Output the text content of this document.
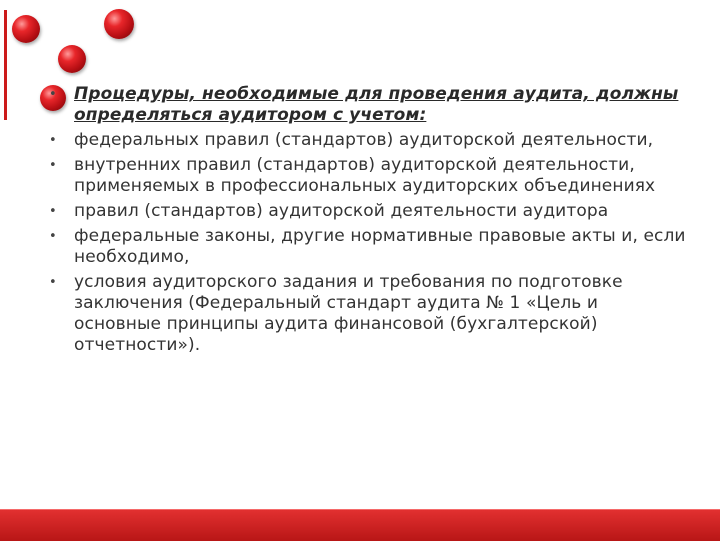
• Процедуры, необходимые для проведения аудита, должны определяться аудитором с учетом:
• федеральных правил (стандартов) аудиторской деятельности,
• внутренних правил (стандартов) аудиторской деятельности, применяемых в профессиональных аудиторских объединениях
• правил (стандартов) аудиторской деятельности аудитора
• федеральные законы, другие нормативные правовые акты и, если необходимо,
• условия аудиторского задания и требования по подготовке заключения (Федеральный стандарт аудита № 1 «Цель и основные принципы аудита финансовой (бухгалтерской) отчетности»).
